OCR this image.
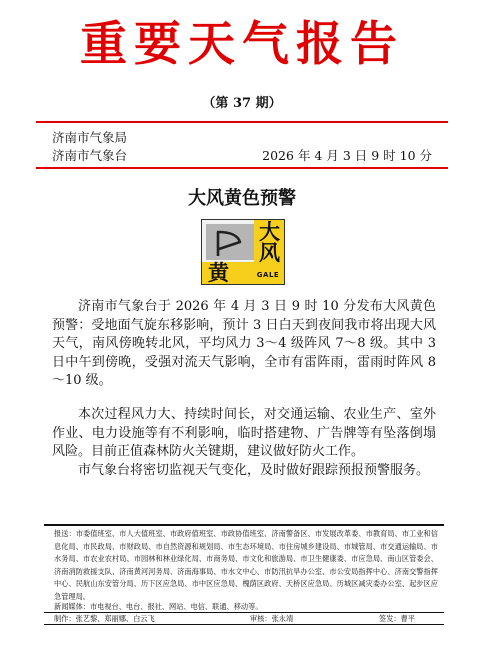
重要天气报告
（第 37 期）
济南市气象局
济南市气象台	2026 年 4 月 3 日 9 时 10 分
大风黄色预警
大
风
黄	GALE

济南市气象台于 2026 年 4 月 3 日 9 时 10 分发布大风黄色预警：受地面气旋东移影响，预计 3 日白天到夜间我市将出现大风天气，南风傍晚转北风，平均风力 3～4 级阵风 7～8 级。其中 3 日中午到傍晚，受强对流天气影响，全市有雷阵雨，雷雨时阵风 8～10 级。

本次过程风力大、持续时间长，对交通运输、农业生产、室外作业、电力设施等有不利影响，临时搭建物、广告牌等有坠落倒塌风险。目前正值森林防火关键期，建议做好防火工作。

市气象台将密切监视天气变化，及时做好跟踪预报预警服务。

报送：市委值班室、市人大值班室、市政府值班室、市政协值班室、济南警备区、市发展改革委、市教育局、市工业和信息化局、市民政局、市财政局、市自然资源和规划局、市生态环境局、市住房城乡建设局、市城管局、市交通运输局、市水务局、市农业农村局、市园林和林业绿化局、市商务局、市文化和旅游局、市卫生健康委、市应急局、南山区管委会、济南消防救援支队、济南黄河河务局、济南海事局、市水文中心、市防汛抗旱办公室、市公安局指挥中心、济南交警指挥中心、民航山东安管分局、历下区应急局、市中区应急局、槐荫区政府、天桥区应急局、历城区减灾委办公室、起步区应急管理局。
新闻媒体：市电视台、电台、报社、网站、电信、联通、移动等。
制作：张艺黎、郑丽娜、白云飞	审核：张永靖	签发：曹平
